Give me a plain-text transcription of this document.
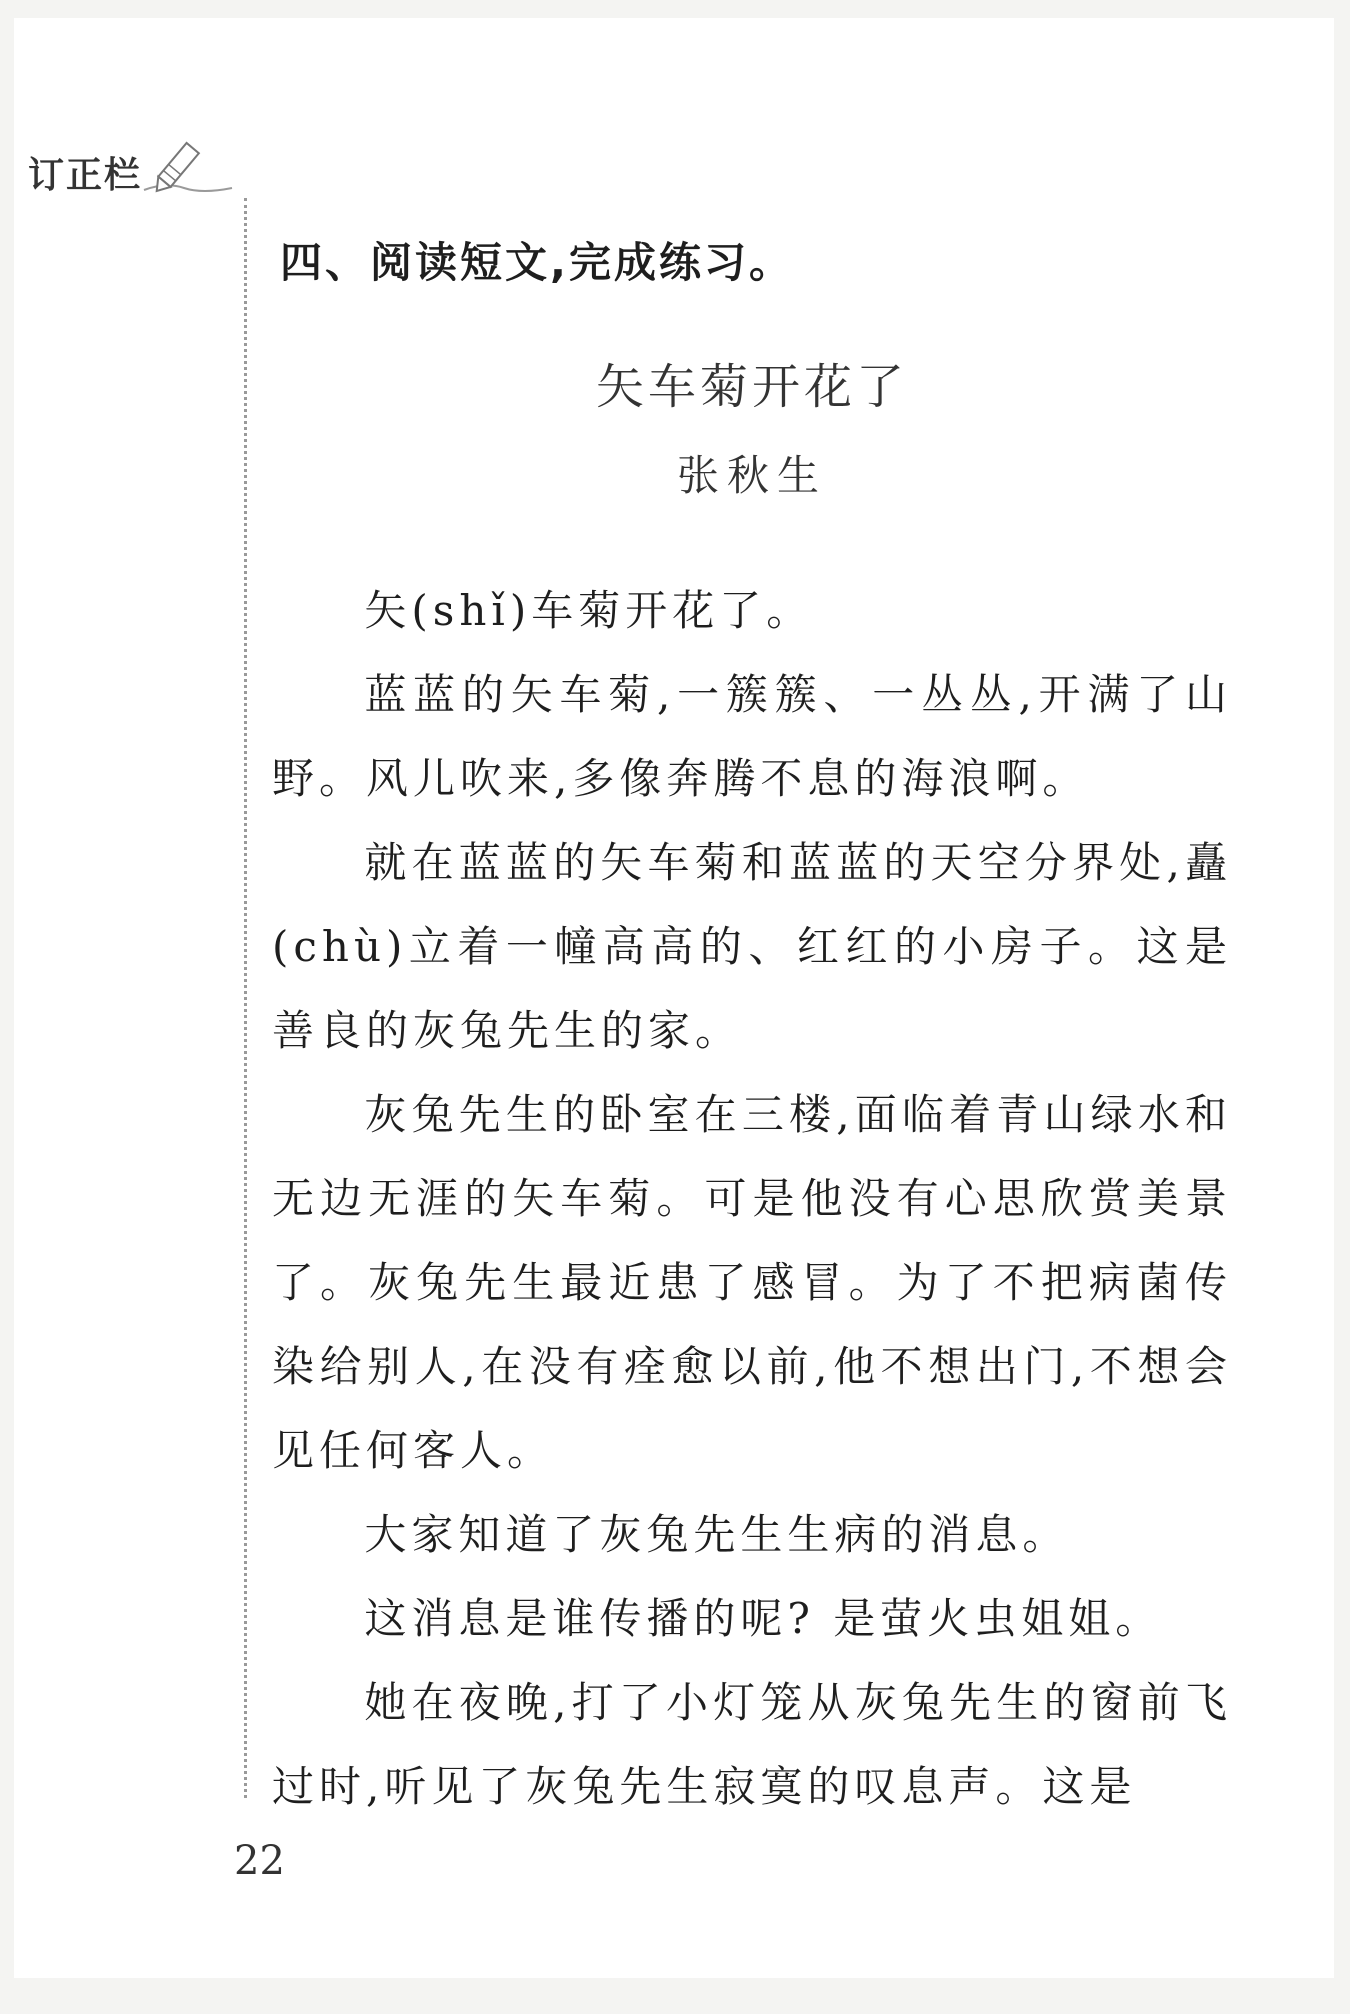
订正栏
四、阅读短文,完成练习。
矢车菊开花了
张秋生

矢(shǐ)车菊开花了。

蓝蓝的矢车菊,一簇簇、一丛丛,开满了山野。风儿吹来,多像奔腾不息的海浪啊。

就在蓝蓝的矢车菊和蓝蓝的天空分界处,矗(chù)立着一幢高高的、红红的小房子。这是善良的灰兔先生的家。

灰兔先生的卧室在三楼,面临着青山绿水和无边无涯的矢车菊。可是他没有心思欣赏美景了。灰兔先生最近患了感冒。为了不把病菌传染给别人,在没有痊愈以前,他不想出门,不想会见任何客人。

大家知道了灰兔先生生病的消息。

这消息是谁传播的呢? 是萤火虫姐姐。

她在夜晚,打了小灯笼从灰兔先生的窗前飞过时,听见了灰兔先生寂寞的叹息声。这是

22
